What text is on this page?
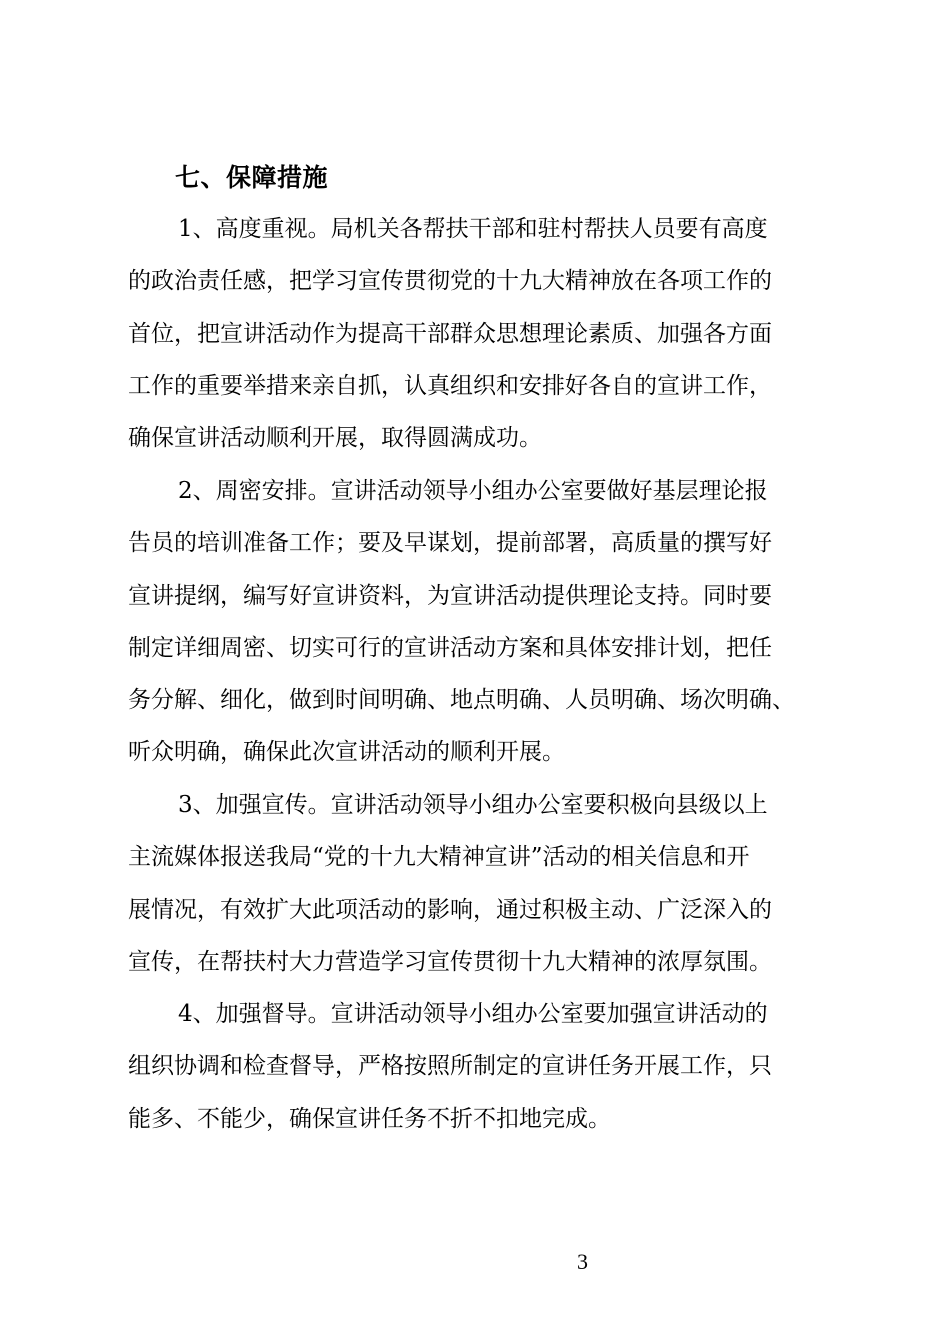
七、保障措施
1、高度重视。局机关各帮扶干部和驻村帮扶人员要有高度
的政治责任感，把学习宣传贯彻党的十九大精神放在各项工作的
首位，把宣讲活动作为提高干部群众思想理论素质、加强各方面
工作的重要举措来亲自抓，认真组织和安排好各自的宣讲工作，
确保宣讲活动顺利开展，取得圆满成功。
2、周密安排。宣讲活动领导小组办公室要做好基层理论报
告员的培训准备工作；要及早谋划，提前部署，高质量的撰写好
宣讲提纲，编写好宣讲资料，为宣讲活动提供理论支持。同时要
制定详细周密、切实可行的宣讲活动方案和具体安排计划，把任
务分解、细化，做到时间明确、地点明确、人员明确、场次明确、
听众明确，确保此次宣讲活动的顺利开展。
3、加强宣传。宣讲活动领导小组办公室要积极向县级以上
主流媒体报送我局“党的十九大精神宣讲”活动的相关信息和开
展情况，有效扩大此项活动的影响，通过积极主动、广泛深入的
宣传，在帮扶村大力营造学习宣传贯彻十九大精神的浓厚氛围。
4、加强督导。宣讲活动领导小组办公室要加强宣讲活动的
组织协调和检查督导，严格按照所制定的宣讲任务开展工作，只
能多、不能少，确保宣讲任务不折不扣地完成。
3
